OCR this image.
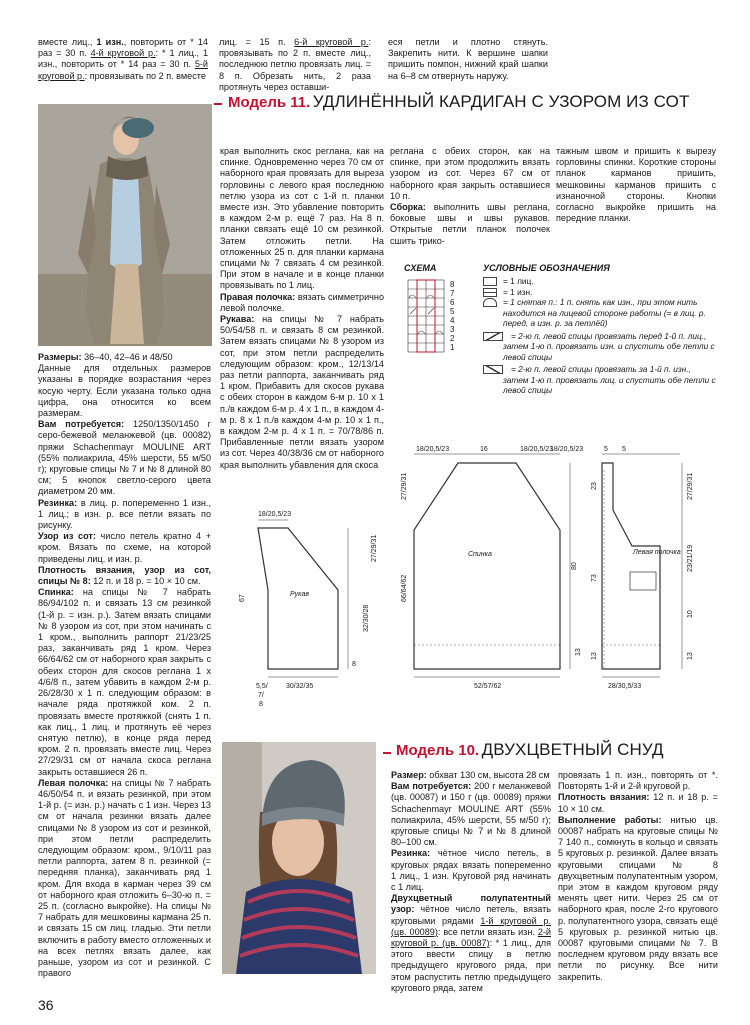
вместе лиц., 1 изн., повторить от * 14 раз = 30 п. 4-й круговой р.: * 1 лиц., 1 изн., повторить от * 14 раз = 30 п. 5-й круговой р.: провязывать по 2 п. вместе
лиц. = 15 п. 6-й круговой р.: провязывать по 2 п. вместе лиц., последнюю петлю провязать лиц. = 8 п. Обрезать нить, 2 раза протянуть через оставши-
еся петли и плотно стянуть. Закрепить нити. К вершине шапки пришить помпон, нижний край шапки на 6–8 см отвернуть наружу.
Модель 11. УДЛИНЁННЫЙ КАРДИГАН С УЗОРОМ ИЗ СОТ

Размеры: 36–40, 42–46 и 48/50

Данные для отдельных размеров указаны в порядке возрастания через косую черту. Если указана только одна цифра, она относится ко всем размерам.

Вам потребуется: 1250/1350/1450 г серо-бежевой меланжевой (цв. 00082) пряжи Schachenmayr MOULINE ART (55% полиакрила, 45% шерсти, 55 м/50 г); круговые спицы № 7 и № 8 длиной 80 см; 5 кнопок светло-серого цвета диаметром 20 мм.

Резинка: в лиц. р. попеременно 1 изн., 1 лиц.; в изн. р. все петли вязать по рисунку.

Узор из сот: число петель кратно 4 + кром. Вязать по схеме, на которой приведены лиц. и изн. р.

Плотность вязания, узор из сот, спицы № 8: 12 п. и 18 р. = 10 × 10 см.

Спинка: на спицы № 7 набрать 86/94/102 п. и связать 13 см резинкой (1-й р. = изн. р.). Затем вязать спицами № 8 узором из сот, при этом начинать с 1 кром., выполнить раппорт 21/23/25 раз, заканчивать ряд 1 кром. Через 66/64/62 см от наборного края закрыть с обеих сторон для скосов реглана 1 х 4/6/8 п., затем убавить в каждом 2-м р. 26/28/30 х 1 п. следующим образом: в начале ряда протяжкой ком. 2 п. провязать вместе протяжкой (снять 1 п. как лиц., 1 лиц. и протянуть её через снятую петлю), в конце ряда перед кром. 2 п. провязать вместе лиц. Через 27/29/31 см от начала скоса реглана закрыть оставшиеся 26 п.

Левая полочка: на спицы № 7 набрать 46/50/54 п. и вязать резинкой, при этом 1-й р. (= изн. р.) начать с 1 изн. Через 13 см от начала резинки вязать далее спицами № 8 узором из сот и резинкой, при этом петли распределить следующим образом: кром., 9/10/11 раз петли раппорта, затем 8 п. резинкой (= передняя планка), заканчивать ряд 1 кром. Для входа в карман через 39 см от наборного края отложить 6–30-ю п. = 25 п. (согласно выкройке). На спицы № 7 набрать для мешковины кармана 25 п. и связать 15 см лиц. гладью. Эти петли включить в работу вместо отложенных и на всех петлях вязать далее, как раньше, узором из сот и резинкой. С правого

края выполнить скос реглана, как на спинке. Одновременно через 70 см от наборного края провязать для выреза горловины с левого края последнюю петлю узора из сот с 1-й п. планки вместе изн. Это убавление повторить в каждом 2-м р. ещё 7 раз. На 8 п. планки связать ещё 10 см резинкой. Затем отложить петли. На отложенных 25 п. для планки кармана спицами № 7 связать 4 см резинкой. При этом в начале и в конце планки провязывать по 1 лиц.

Правая полочка: вязать симметрично левой полочке.

Рукава: на спицы № 7 набрать 50/54/58 п. и связать 8 см резинкой. Затем вязать спицами № 8 узором из сот, при этом петли распределить следующим образом: кром., 12/13/14 раз петли раппорта, заканчивать ряд 1 кром. Прибавить для скосов рукава с обеих сторон в каждом 6-м р. 10 х 1 п./в каждом 6-м р. 4 х 1 п., в каждом 4-м р. 8 х 1 п./в каждом 4-м р. 10 х 1 п., в каждом 2-м р. 4 х 1 п. = 70/78/86 п. Прибавленные петли вязать узором из сот. Через 40/38/36 см от наборного края выполнить убавления для скоса

реглана с обеих сторон, как на спинке, при этом продолжить вязать узором из сот. Через 67 см от наборного края закрыть оставшиеся 10 п.

Сборка: выполнить швы реглана, боковые швы и швы рукавов. Открытые петли планок полочек сшить трико-

тажным швом и пришить к вырезу горловины спинки. Короткие стороны планок карманов пришить, мешковины карманов пришить с изнаночной стороны. Кнопки согласно выкройке пришить на передние планки.
СХЕМА
8
7
6
5
4
3
2
1
УСЛОВНЫЕ ОБОЗНАЧЕНИЯ
= 1 лиц.
= 1 изн.
= 1 снятая п.: 1 п. снять как изн., при этом нить находится на лицевой стороне работы (= в лиц. р. перед, а изн. р. за петлёй)
= 2-ю п. левой спицы провязать перед 1-й п. лиц., затем 1-ю п. провязать изн. и спустить обе петли с левой спицы
= 2-ю п. левой спицы провязать за 1-й п. изн., затем 1-ю п. провязать лиц. и спустить обе петли с левой спицы
18/20,5/23
Рукав
67
27/29/31
32/30/28
8
30/32/35
5,5/
7/
8
18/20,5/23	16	18/20,5/23
Спинка
27/29/31
66/64/62
80
13
52/57/62
18/20,5/23	5 5
Левая полочка
23
73
13
27/29/31
23/21/19
10
13
28/30,5/33
Модель 10. ДВУХЦВЕТНЫЙ СНУД

Размер: обхват 130 см, высота 28 см

Вам потребуется: 200 г меланжевой (цв. 00087) и 150 г (цв. 00089) пряжи Schachenmayr MOULINE ART (55% полиакрила, 45% шерсти, 55 м/50 г); круговые спицы № 7 и № 8 длиной 80–100 см.

Резинка: чётное число петель, в круговых рядах вязать попеременно 1 лиц., 1 изн. Круговой ряд начинать с 1 лиц.

Двухцветный полупатентный узор: чётное число петель, вязать круговыми рядами 1-й круговой р. (цв. 00089): все петли вязать изн. 2-й круговой р. (цв. 00087): * 1 лиц., для этого ввести спицу в петлю предыдущего кругового ряда, при этом распустить петлю предыдущего кругового ряда, затем

провязать 1 п. изн., повторять от *. Повторять 1-й и 2-й круговой р.

Плотность вязания: 12 п. и 18 р. = 10 × 10 см.

Выполнение работы: нитью цв. 00087 набрать на круговые спицы № 7 140 п., сомкнуть в кольцо и связать 5 круговых р. резинкой. Далее вязать круговыми спицами № 8 двухцветным полупатентным узором, при этом в каждом круговом ряду менять цвет нити. Через 25 см от наборного края, после 2-го кругового р. полупатентного узора, связать ещё 5 круговых р. резинкой нитью цв. 00087 круговыми спицами № 7. В последнем круговом ряду вязать все петли по рисунку. Все нити закрепить.

36
